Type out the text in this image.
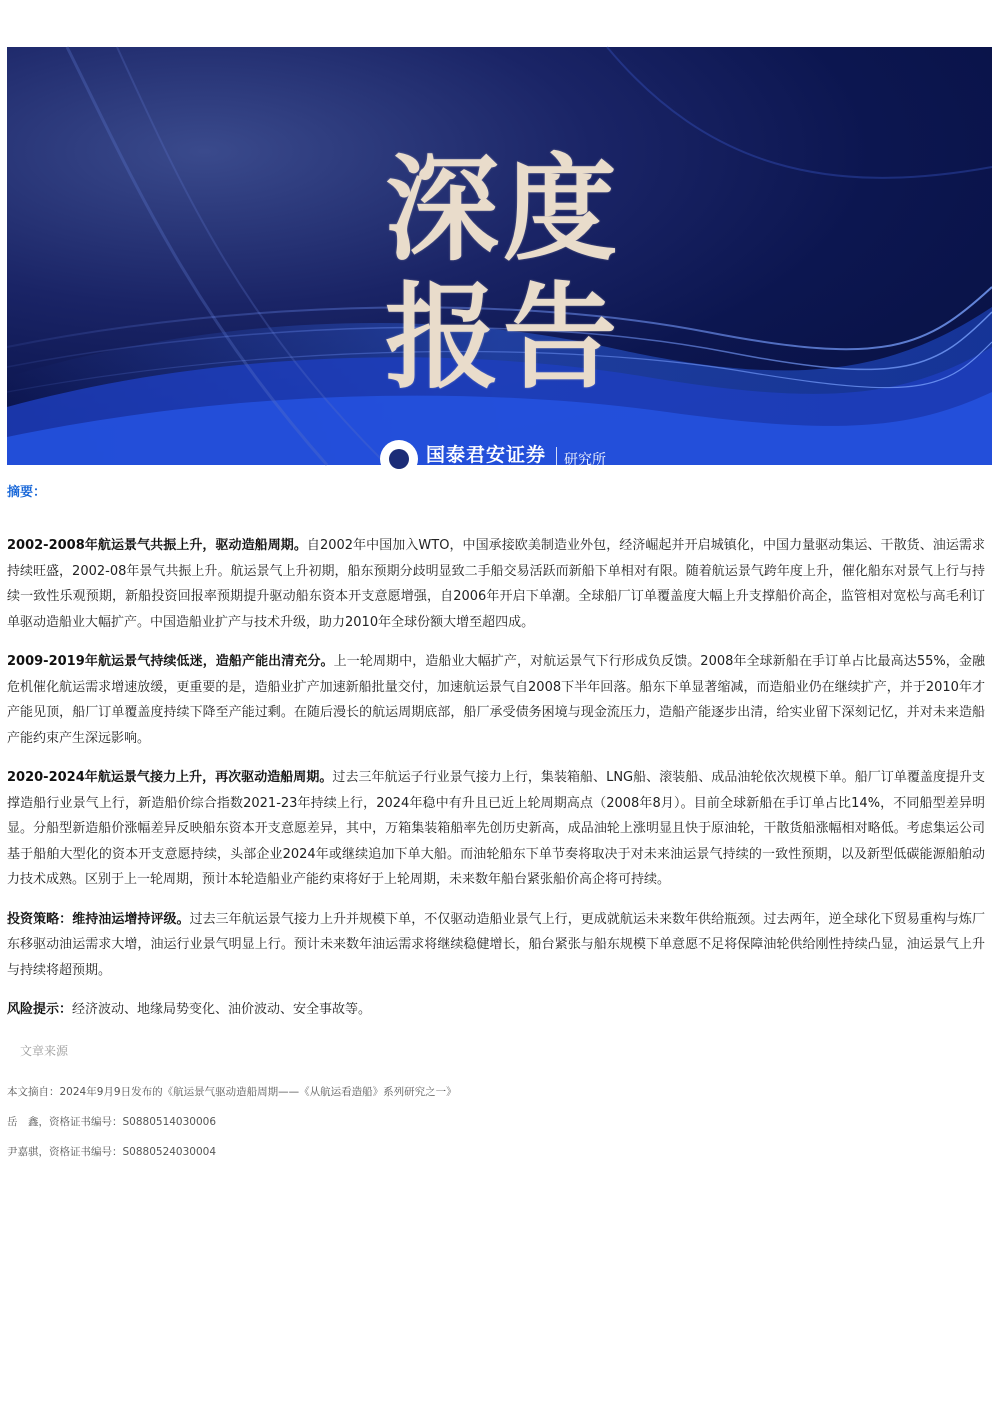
深度
报告
国泰君安证券
GUOTAI JUNAN SECURITIES
研究所

摘要：

2002-2008年航运景气共振上升，驱动造船周期。自2002年中国加入WTO，中国承接欧美制造业外包，经济崛起并开启城镇化，中国力量驱动集运、干散货、油运需求持续旺盛，2002-08年景气共振上升。航运景气上升初期，船东预期分歧明显致二手船交易活跃而新船下单相对有限。随着航运景气跨年度上升，催化船东对景气上行与持续一致性乐观预期，新船投资回报率预期提升驱动船东资本开支意愿增强，自2006年开启下单潮。全球船厂订单覆盖度大幅上升支撑船价高企，监管相对宽松与高毛利订单驱动造船业大幅扩产。中国造船业扩产与技术升级，助力2010年全球份额大增至超四成。

2009-2019年航运景气持续低迷，造船产能出清充分。上一轮周期中，造船业大幅扩产，对航运景气下行形成负反馈。2008年全球新船在手订单占比最高达55%，金融危机催化航运需求增速放缓，更重要的是，造船业扩产加速新船批量交付，加速航运景气自2008下半年回落。船东下单显著缩减，而造船业仍在继续扩产，并于2010年才产能见顶，船厂订单覆盖度持续下降至产能过剩。在随后漫长的航运周期底部，船厂承受债务困境与现金流压力，造船产能逐步出清，给实业留下深刻记忆，并对未来造船产能约束产生深远影响。

2020-2024年航运景气接力上升，再次驱动造船周期。过去三年航运子行业景气接力上行，集装箱船、LNG船、滚装船、成品油轮依次规模下单。船厂订单覆盖度提升支撑造船行业景气上行，新造船价综合指数2021-23年持续上行，2024年稳中有升且已近上轮周期高点（2008年8月）。目前全球新船在手订单占比14%，不同船型差异明显。分船型新造船价涨幅差异反映船东资本开支意愿差异，其中，万箱集装箱船率先创历史新高，成品油轮上涨明显且快于原油轮，干散货船涨幅相对略低。考虑集运公司基于船舶大型化的资本开支意愿持续，头部企业2024年或继续追加下单大船。而油轮船东下单节奏将取决于对未来油运景气持续的一致性预期，以及新型低碳能源船舶动力技术成熟。区别于上一轮周期，预计本轮造船业产能约束将好于上轮周期，未来数年船台紧张船价高企将可持续。

投资策略：维持油运增持评级。过去三年航运景气接力上升并规模下单，不仅驱动造船业景气上行，更成就航运未来数年供给瓶颈。过去两年，逆全球化下贸易重构与炼厂东移驱动油运需求大增，油运行业景气明显上行。预计未来数年油运需求将继续稳健增长，船台紧张与船东规模下单意愿不足将保障油轮供给刚性持续凸显，油运景气上升与持续将超预期。

风险提示：经济波动、地缘局势变化、油价波动、安全事故等。

文章来源

本文摘自：2024年9月9日发布的《航运景气驱动造船周期——《从航运看造船》系列研究之一》

岳　鑫，资格证书编号：S0880514030006

尹嘉骐，资格证书编号：S0880524030004
